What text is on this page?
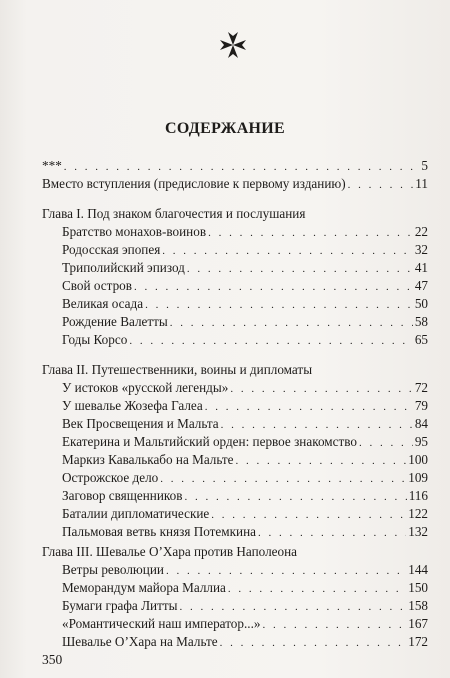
СОДЕРЖАНИЕ
*** . . .	5
Вместо вступления (предисловие к первому изданию) . . .	11
Глава I. Под знаком благочестия и послушания
Братство монахов-воинов . . .	22
Родосская эпопея . . .	32
Триполийский эпизод . . .	41
Свой остров . . .	47
Великая осада . . .	50
Рождение Валетты . . .	58
Годы Корсо . . .	65
Глава II. Путешественники, воины и дипломаты
У истоков «русской легенды» . . .	72
У шевалье Жозефа Галеа . . .	79
Век Просвещения и Мальта . . .	84
Екатерина и Мальтийский орден: первое знакомство . . .	95
Маркиз Кавалькабо на Мальте . . .	100
Острожское дело . . .	109
Заговор священников . . .	116
Баталии дипломатические . . .	122
Пальмовая ветвь князя Потемкина . . .	132
Глава III. Шевалье О’Хара против Наполеона
Ветры революции . . .	144
Меморандум майора Маллиа . . .	150
Бумаги графа Литты . . .	158
«Романтический наш император...» . . .	167
Шевалье О’Хара на Мальте . . .	172
350
